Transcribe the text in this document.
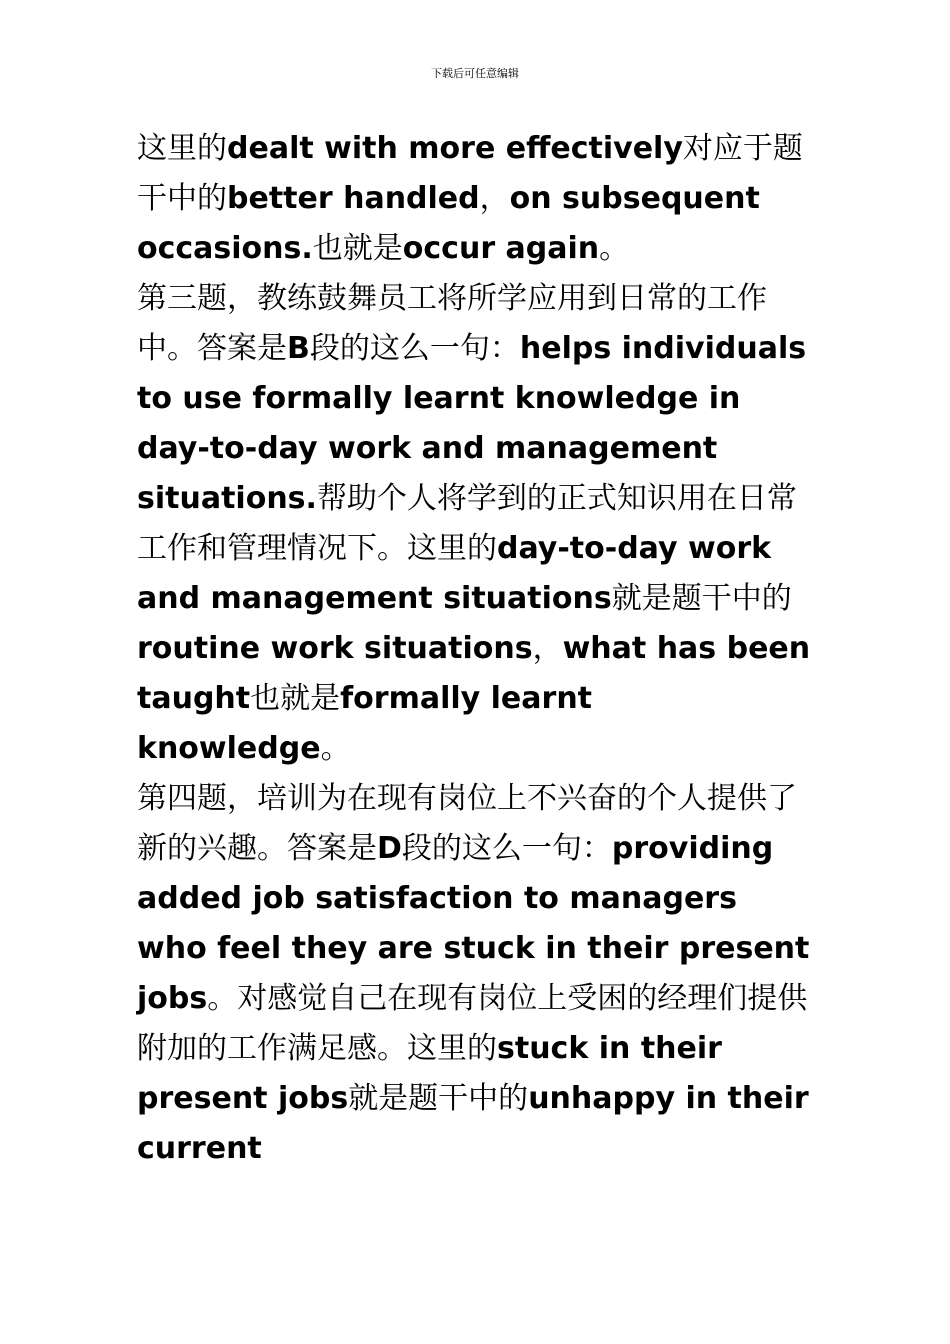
下载后可任意编辑

这里的dealt with more effectively对应于题干中的better handled，on subsequent occasions.也就是occur again。

第三题，教练鼓舞员工将所学应用到日常的工作中。答案是B段的这么一句：helps individuals to use formally learnt knowledge in day-to-day work and management situations.帮助个人将学到的正式知识用在日常工作和管理情况下。这里的day-to-day work and management situations就是题干中的routine work situations，what has been taught也就是formally learnt knowledge。

第四题，培训为在现有岗位上不兴奋的个人提供了新的兴趣。答案是D段的这么一句：providing added job satisfaction to managers who feel they are stuck in their present jobs。对感觉自己在现有岗位上受困的经理们提供附加的工作满足感。这里的stuck in their present jobs就是题干中的unhappy in their current
